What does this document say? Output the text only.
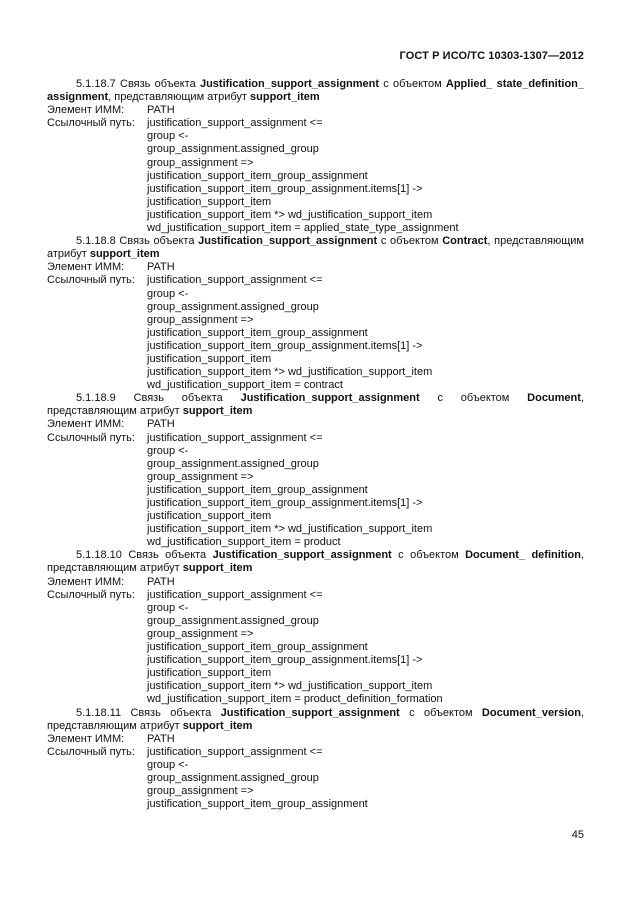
ГОСТ Р ИСО/ТС 10303-1307—2012
5.1.18.7 Связь объекта Justification_support_assignment с объектом Applied_ state_definition_ assignment, представляющим атрибут support_item
Элемент ИММ:	PATH
Ссылочный путь:	justification_support_assignment <=
group <-
group_assignment.assigned_group
group_assignment =>
justification_support_item_group_assignment
justification_support_item_group_assignment.items[1] ->
justification_support_item
justification_support_item *> wd_justification_support_item
wd_justification_support_item = applied_state_type_assignment
5.1.18.8 Связь объекта Justification_support_assignment с объектом Contract, представляющим атрибут support_item
Элемент ИММ:	PATH
Ссылочный путь:	justification_support_assignment <=
group <-
group_assignment.assigned_group
group_assignment =>
justification_support_item_group_assignment
justification_support_item_group_assignment.items[1] ->
justification_support_item
justification_support_item *> wd_justification_support_item
wd_justification_support_item = contract
5.1.18.9 Связь объекта Justification_support_assignment с объектом Document, представляющим атрибут support_item
Элемент ИММ:	PATH
Ссылочный путь:	justification_support_assignment <=
group <-
group_assignment.assigned_group
group_assignment =>
justification_support_item_group_assignment
justification_support_item_group_assignment.items[1] ->
justification_support_item
justification_support_item *> wd_justification_support_item
wd_justification_support_item = product
5.1.18.10 Связь объекта Justification_support_assignment с объектом Document_ definition, представляющим атрибут support_item
Элемент ИММ:	PATH
Ссылочный путь:	justification_support_assignment <=
group <-
group_assignment.assigned_group
group_assignment =>
justification_support_item_group_assignment
justification_support_item_group_assignment.items[1] ->
justification_support_item
justification_support_item *> wd_justification_support_item
wd_justification_support_item = product_definition_formation
5.1.18.11 Связь объекта Justification_support_assignment с объектом Document_version, представляющим атрибут support_item
Элемент ИММ:	PATH
Ссылочный путь:	justification_support_assignment <=
group <-
group_assignment.assigned_group
group_assignment =>
justification_support_item_group_assignment
45
